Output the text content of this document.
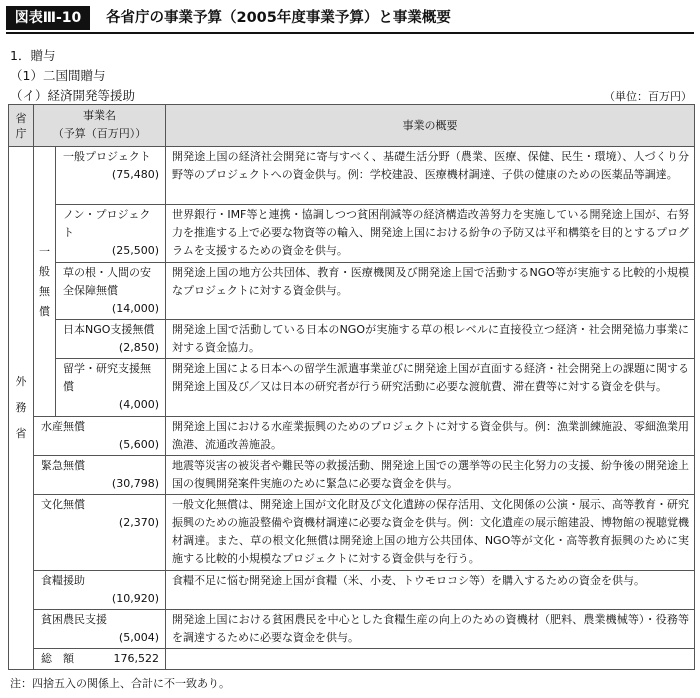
図表Ⅲ-10	各省庁の事業予算（2005年度事業予算）と事業概要
1．贈与
（1）二国間贈与
（イ）経済開発等援助	（単位：百万円）
省庁	事業名
（予算（百万円））		事業の概要
外務省	一般無償	一般プロジェクト
(75,480)	開発途上国の経済社会開発に寄与すべく、基礎生活分野（農業、医療、保健、民生・環境）、人づくり分野等のプロジェクトへの資金供与。例：学校建設、医療機材調達、子供の健康のための医薬品等調達。

		ノン・プロジェクト
(25,500)	世界銀行・IMF等と連携・協調しつつ貧困削減等の経済構造改善努力を実施している開発途上国が、右努力を推進する上で必要な物資等の輸入、開発途上国における紛争の予防又は平和構築を目的とするプログラムを支援するための資金を供与。

		草の根・人間の安全保障無償
(14,000)	開発途上国の地方公共団体、教育・医療機関及び開発途上国で活動するNGO等が実施する比較的小規模なプロジェクトに対する資金供与。

		日本NGO支援無償
(2,850)	開発途上国で活動している日本のNGOが実施する草の根レベルに直接役立つ経済・社会開発協力事業に対する資金協力。

		留学・研究支援無償
(4,000)	開発途上国による日本への留学生派遣事業並びに開発途上国が直面する経済・社会開発上の課題に関する開発途上国及び／又は日本の研究者が行う研究活動に必要な渡航費、滞在費等に対する資金を供与。

	水産無償
(5,600)		開発途上国における水産業振興のためのプロジェクトに対する資金供与。例：漁業訓練施設、零細漁業用漁港、流通改善施設。

	緊急無償
(30,798)		地震等災害の被災者や難民等の救援活動、開発途上国での選挙等の民主化努力の支援、紛争後の開発途上国の復興開発案件実施のために緊急に必要な資金を供与。

	文化無償
(2,370)		一般文化無償は、開発途上国が文化財及び文化遺跡の保存活用、文化関係の公演・展示、高等教育・研究振興のための施設整備や資機材調達に必要な資金を供与。例：文化遺産の展示館建設、博物館の視聴覚機材調達。また、草の根文化無償は開発途上国の地方公共団体、NGO等が文化・高等教育振興のために実施する比較的小規模なプロジェクトに対する資金供与を行う。

	食糧援助
(10,920)		食糧不足に悩む開発途上国が食糧（米、小麦、トウモロコシ等）を購入するための資金を供与。

	貧困農民支援
(5,004)		開発途上国における貧困農民を中心とした食糧生産の向上のための資機材（肥料、農業機械等）・役務等を調達するために必要な資金を供与。

	総　額 176,522		

注：四捨五入の関係上、合計に不一致あり。
